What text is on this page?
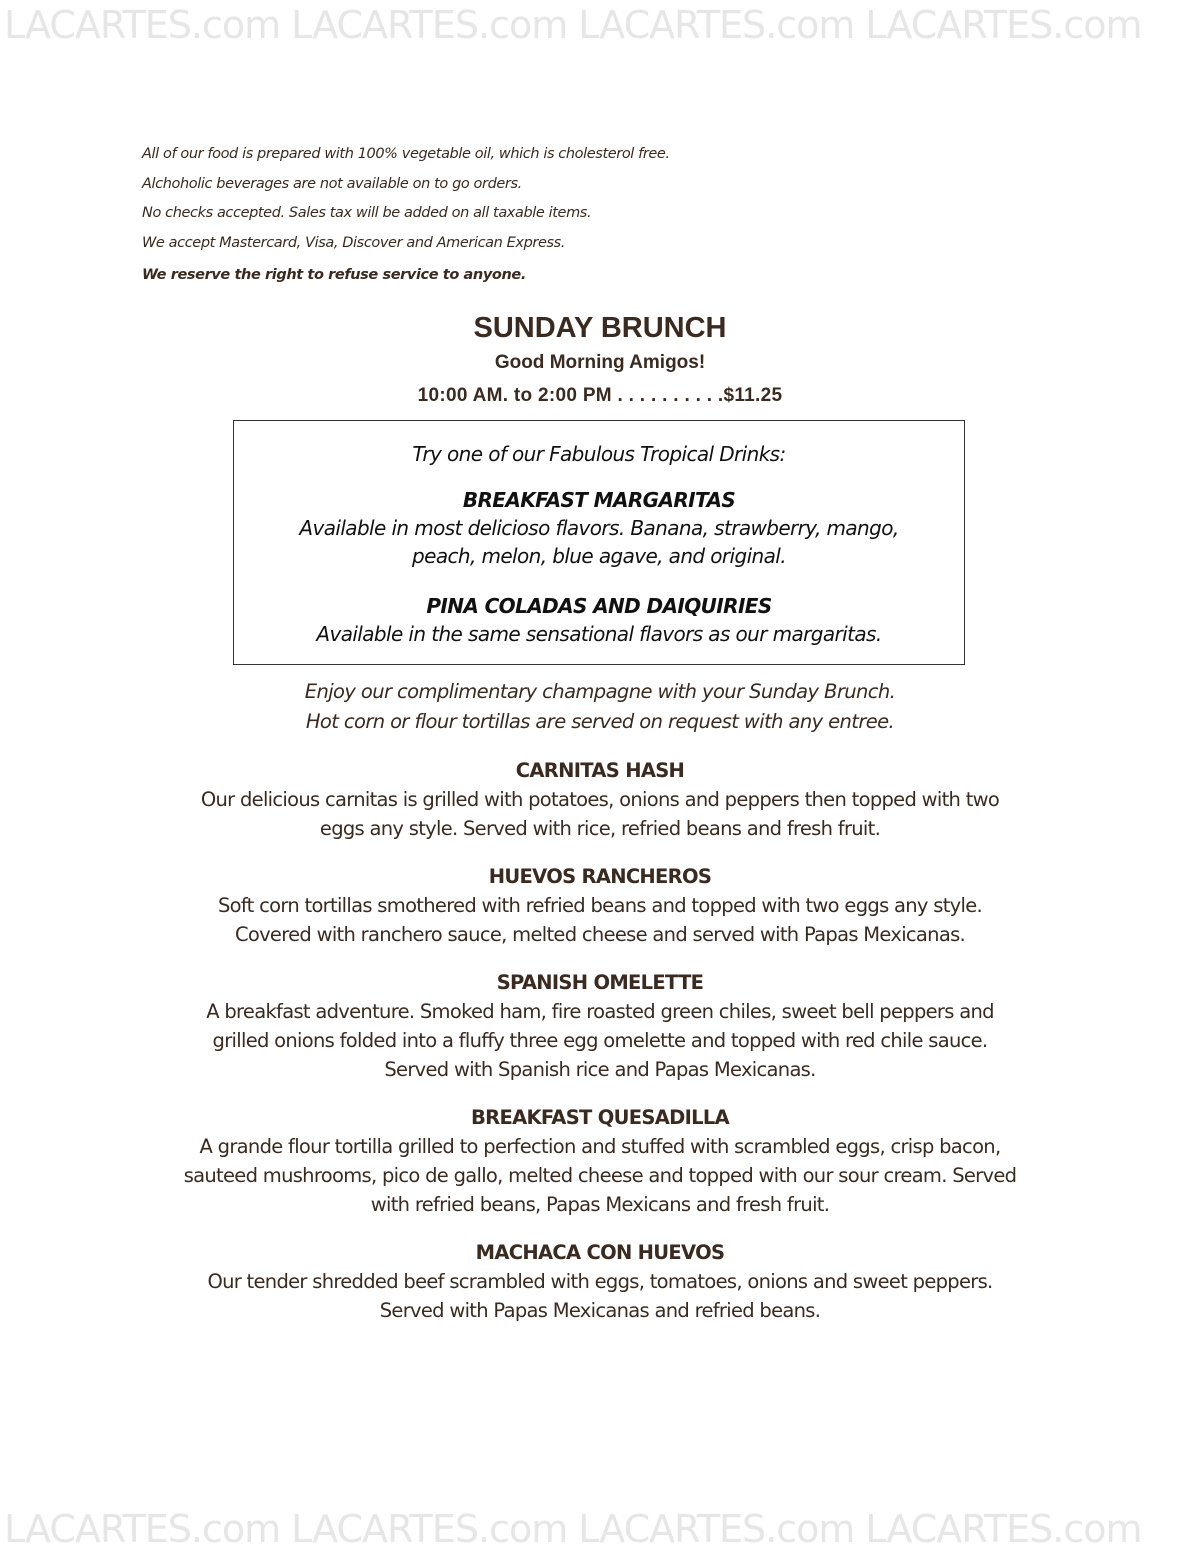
LACARTES.com LACARTES.com LACARTES.com LACARTES.com
All of our food is prepared with 100% vegetable oil, which is cholesterol free.
Alchoholic beverages are not available on to go orders.
No checks accepted. Sales tax will be added on all taxable items.
We accept Mastercard, Visa, Discover and American Express.
We reserve the right to refuse service to anyone.
SUNDAY BRUNCH
Good Morning Amigos!
10:00 AM. to 2:00 PM . . . . . . . . . .$11.25
Try one of our Fabulous Tropical Drinks:
BREAKFAST MARGARITAS
Available in most delicioso flavors. Banana, strawberry, mango,
peach, melon, blue agave, and original.
PINA COLADAS AND DAIQUIRIES
Available in the same sensational flavors as our margaritas.
Enjoy our complimentary champagne with your Sunday Brunch.
Hot corn or flour tortillas are served on request with any entree.
CARNITAS HASH
Our delicious carnitas is grilled with potatoes, onions and peppers then topped with two
eggs any style. Served with rice, refried beans and fresh fruit.
HUEVOS RANCHEROS
Soft corn tortillas smothered with refried beans and topped with two eggs any style.
Covered with ranchero sauce, melted cheese and served with Papas Mexicanas.
SPANISH OMELETTE
A breakfast adventure. Smoked ham, fire roasted green chiles, sweet bell peppers and
grilled onions folded into a fluffy three egg omelette and topped with red chile sauce.
Served with Spanish rice and Papas Mexicanas.
BREAKFAST QUESADILLA
A grande flour tortilla grilled to perfection and stuffed with scrambled eggs, crisp bacon,
sauteed mushrooms, pico de gallo, melted cheese and topped with our sour cream. Served
with refried beans, Papas Mexicans and fresh fruit.
MACHACA CON HUEVOS
Our tender shredded beef scrambled with eggs, tomatoes, onions and sweet peppers.
Served with Papas Mexicanas and refried beans.
LACARTES.com LACARTES.com LACARTES.com LACARTES.com
